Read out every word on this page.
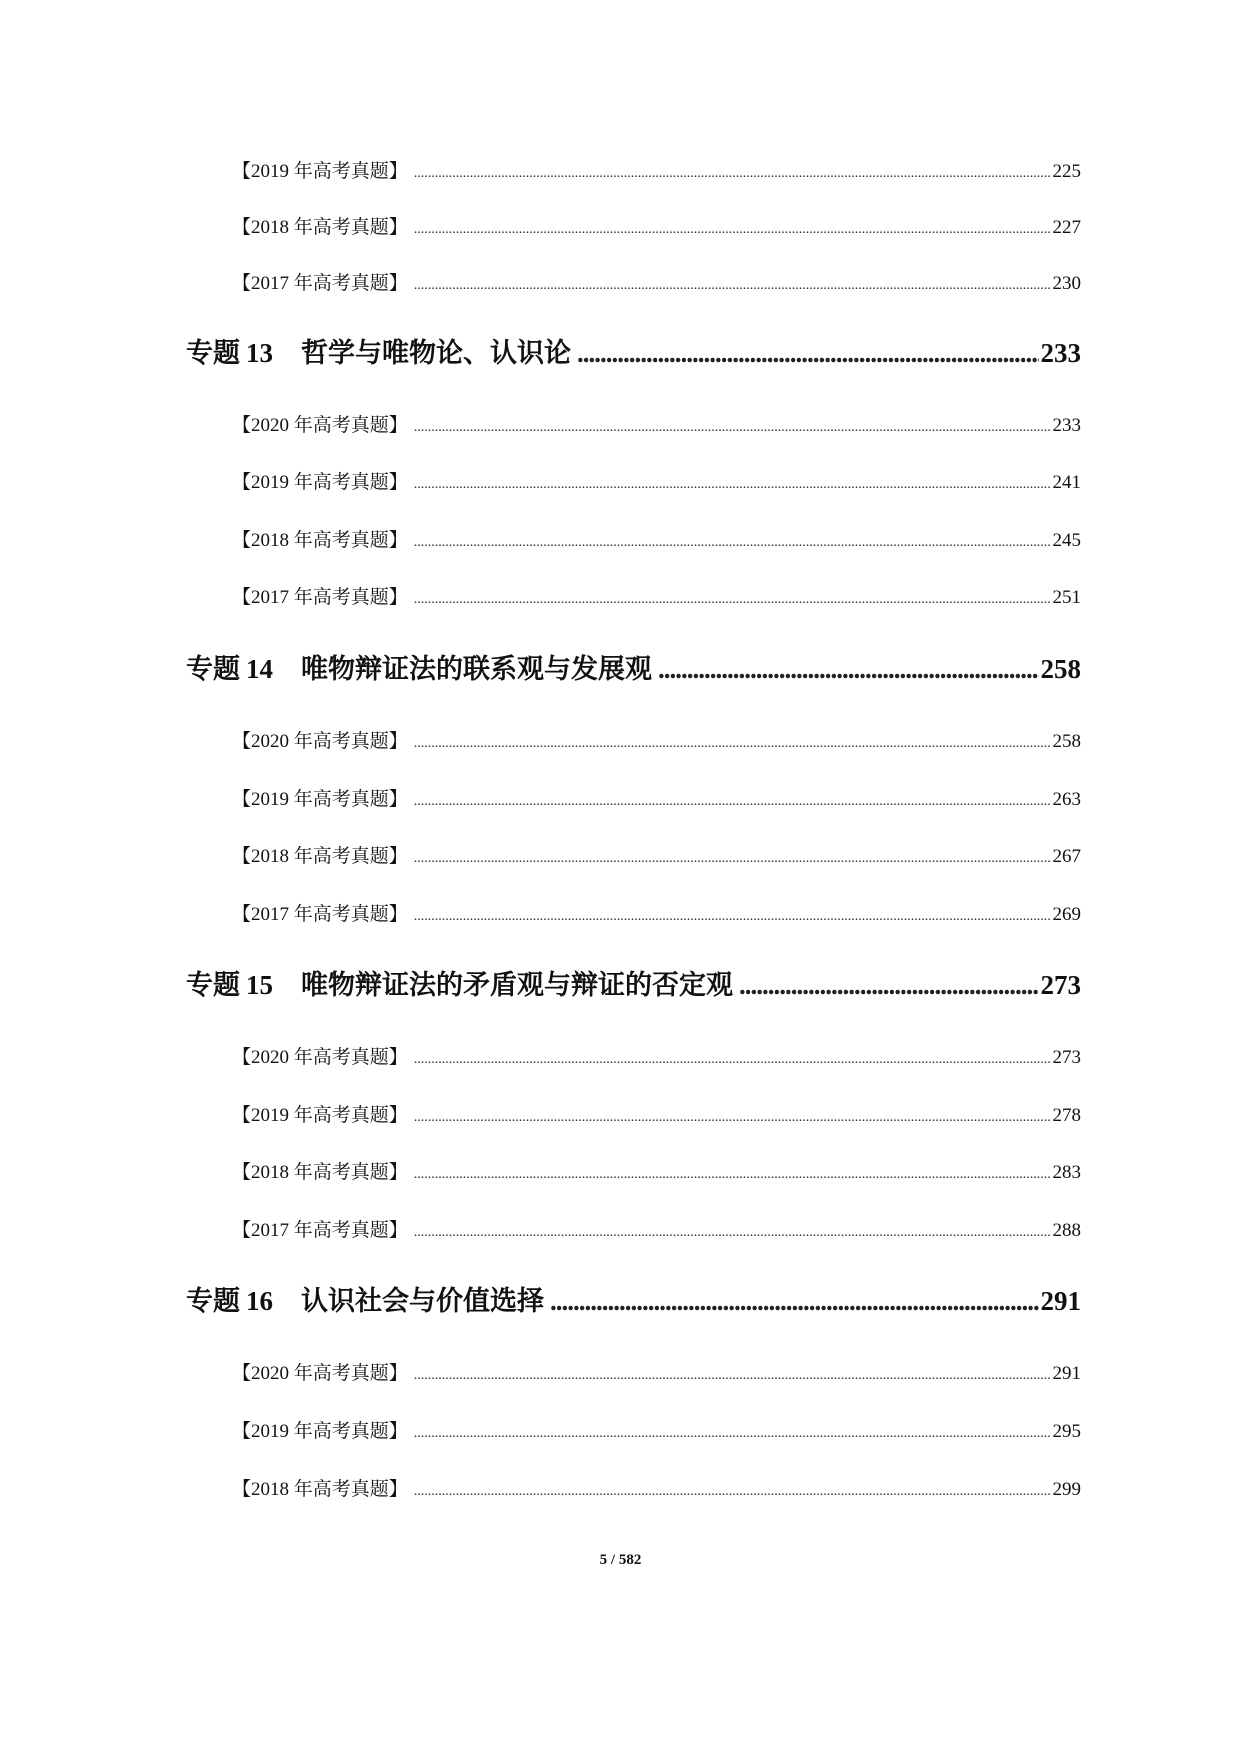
【2019 年高考真题】 .....	225
【2018 年高考真题】 .....	227
【2017 年高考真题】 .....	230
专题 13 哲学与唯物论、认识论 .....	233
【2020 年高考真题】 .....	233
【2019 年高考真题】 .....	241
【2018 年高考真题】 .....	245
【2017 年高考真题】 .....	251
专题 14 唯物辩证法的联系观与发展观 .....	258
【2020 年高考真题】 .....	258
【2019 年高考真题】 .....	263
【2018 年高考真题】 .....	267
【2017 年高考真题】 .....	269
专题 15 唯物辩证法的矛盾观与辩证的否定观 .....	273
【2020 年高考真题】 .....	273
【2019 年高考真题】 .....	278
【2018 年高考真题】 .....	283
【2017 年高考真题】 .....	288
专题 16 认识社会与价值选择 .....	291
【2020 年高考真题】 .....	291
【2019 年高考真题】 .....	295
【2018 年高考真题】 .....	299
5 / 582
